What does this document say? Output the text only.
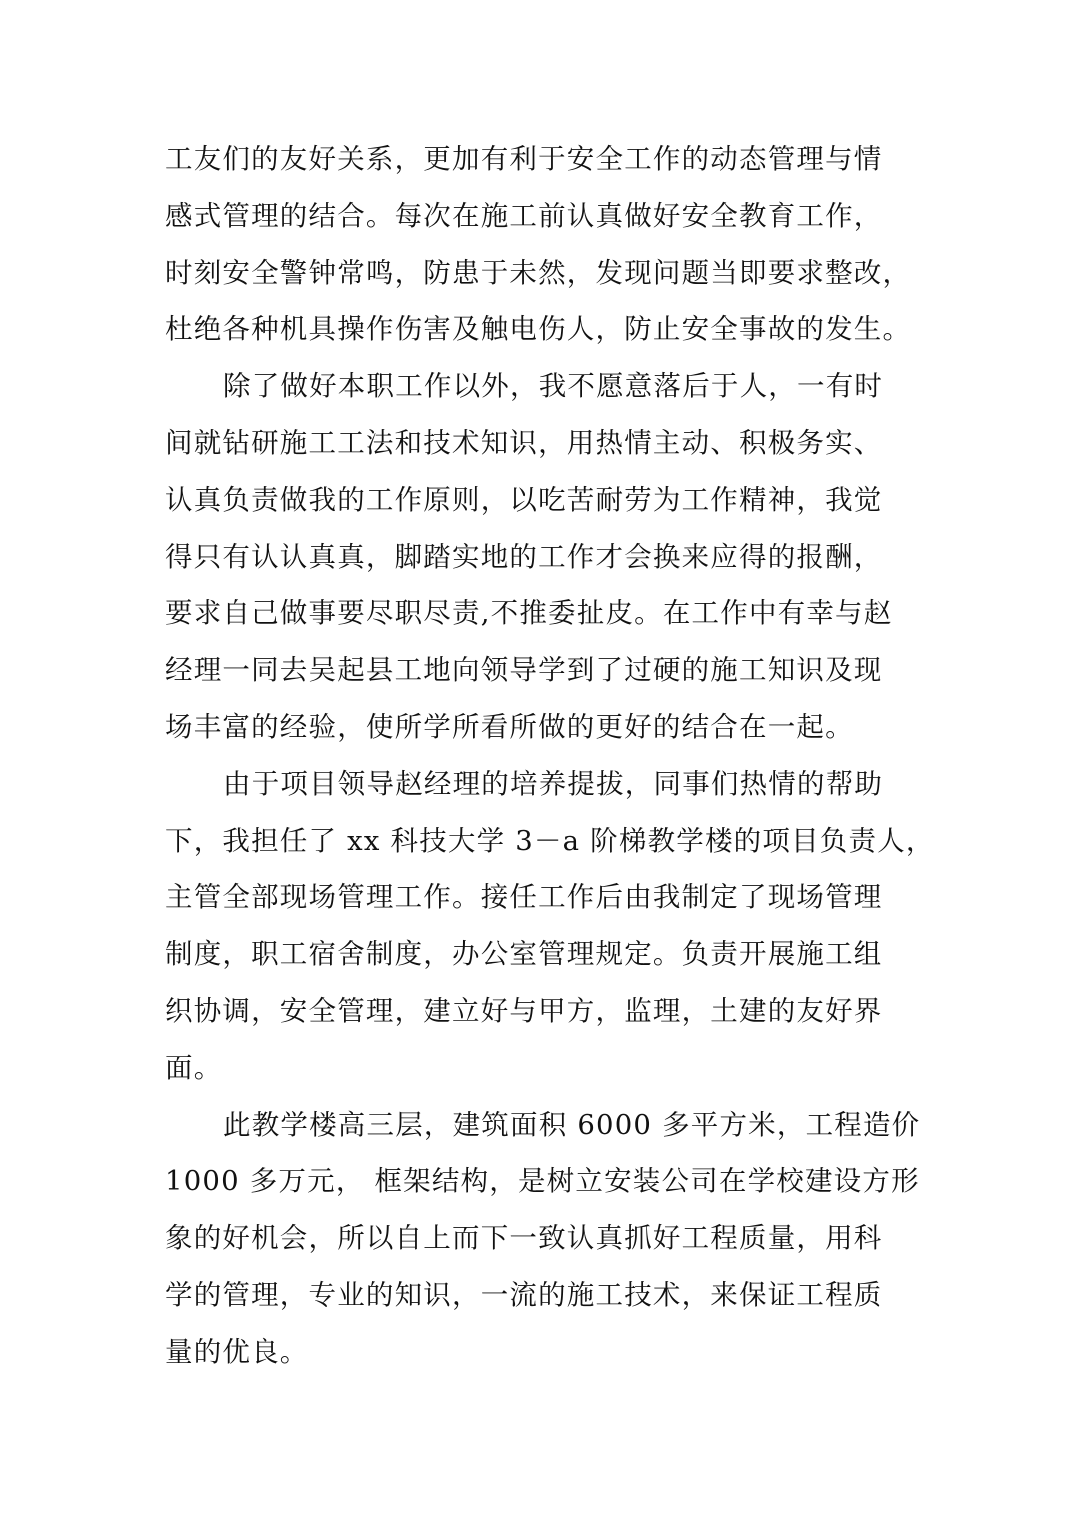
工友们的友好关系，更加有利于安全工作的动态管理与情
感式管理的结合。每次在施工前认真做好安全教育工作，
时刻安全警钟常鸣，防患于未然，发现问题当即要求整改，
杜绝各种机具操作伤害及触电伤人，防止安全事故的发生。
除了做好本职工作以外，我不愿意落后于人，一有时
间就钻研施工工法和技术知识，用热情主动、积极务实、
认真负责做我的工作原则，以吃苦耐劳为工作精神，我觉
得只有认认真真，脚踏实地的工作才会换来应得的报酬，
要求自己做事要尽职尽责,不推委扯皮。在工作中有幸与赵
经理一同去吴起县工地向领导学到了过硬的施工知识及现
场丰富的经验，使所学所看所做的更好的结合在一起。
由于项目领导赵经理的培养提拔，同事们热情的帮助
下，我担任了 xx 科技大学 3－a 阶梯教学楼的项目负责人，
主管全部现场管理工作。接任工作后由我制定了现场管理
制度，职工宿舍制度，办公室管理规定。负责开展施工组
织协调，安全管理，建立好与甲方，监理，土建的友好界
面。
此教学楼高三层，建筑面积 6000 多平方米，工程造价
1000 多万元， 框架结构，是树立安装公司在学校建设方形
象的好机会，所以自上而下一致认真抓好工程质量，用科
学的管理，专业的知识，一流的施工技术，来保证工程质
量的优良。
